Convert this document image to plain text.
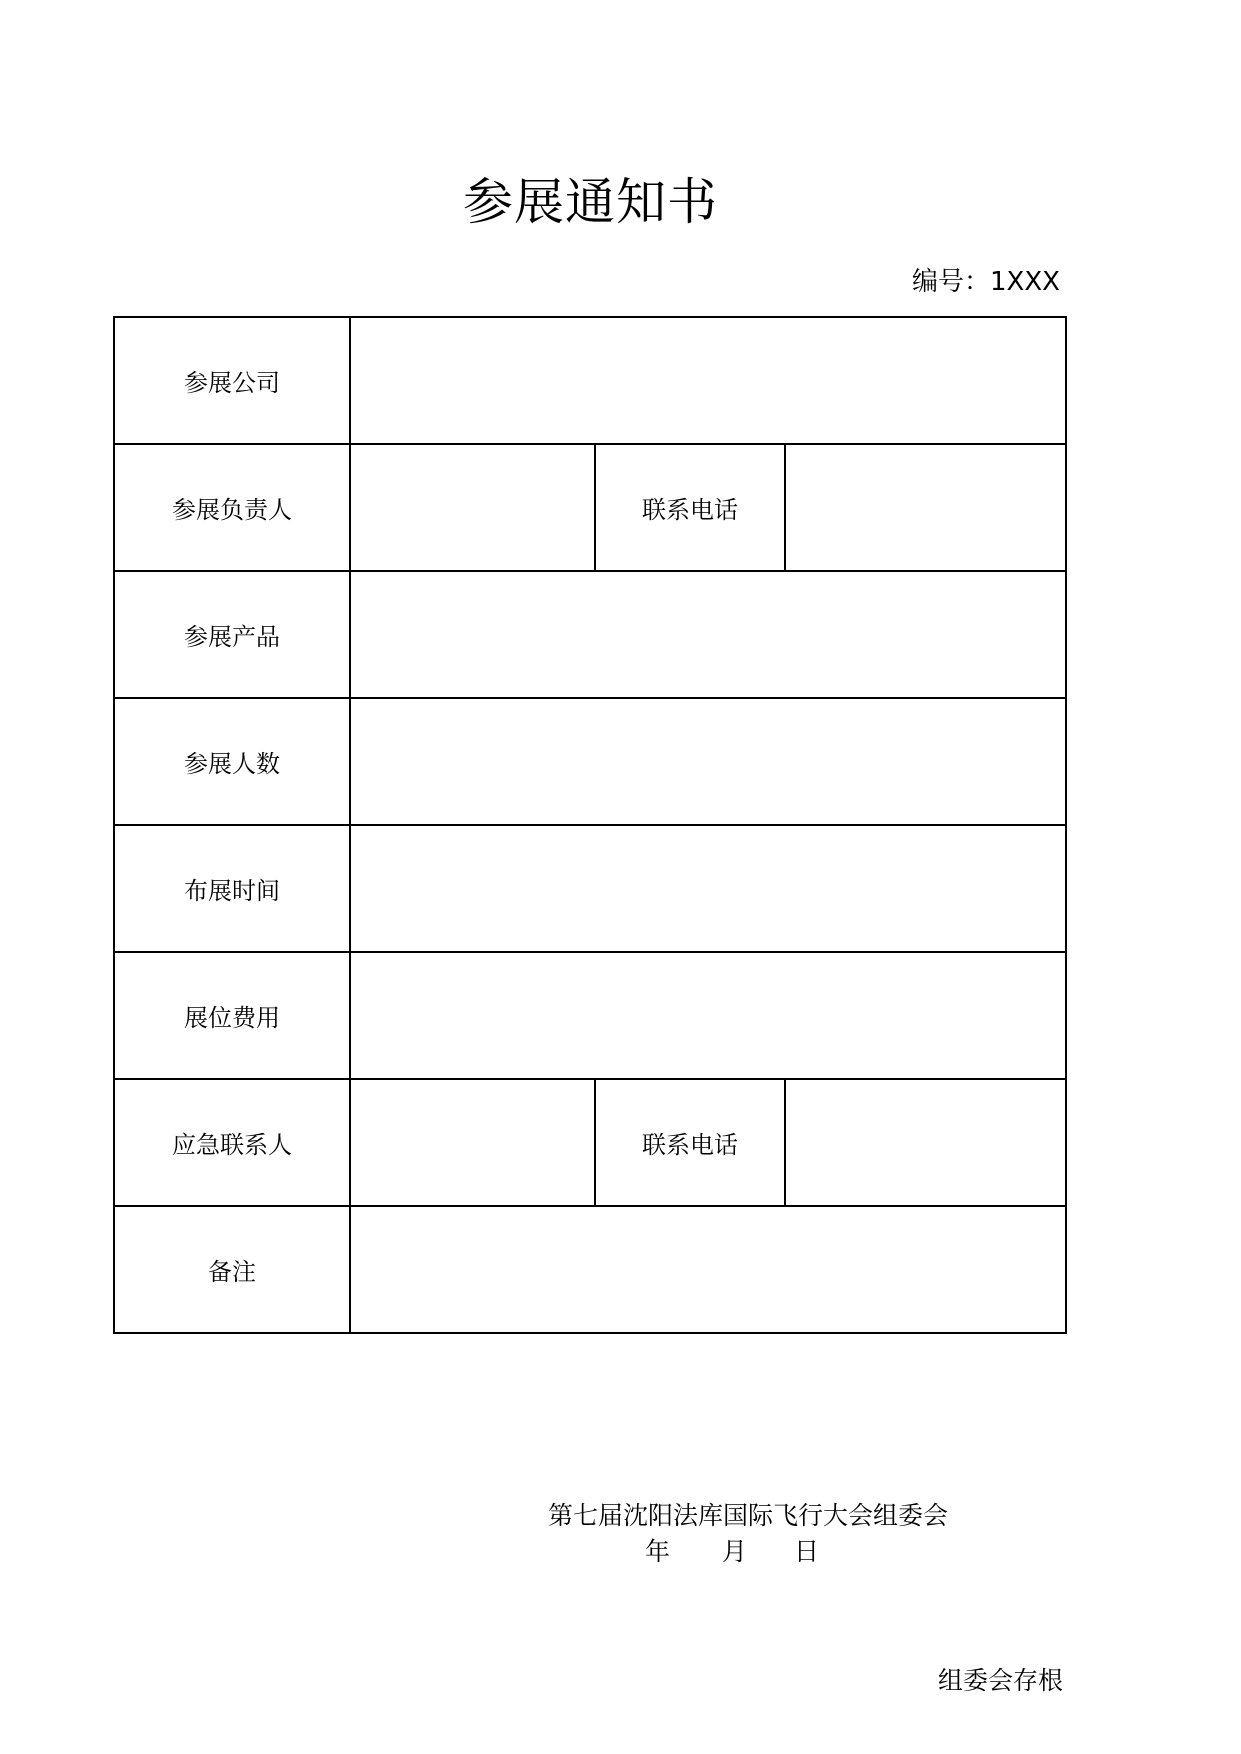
参展通知书
编号：1XXX
参展公司			
参展负责人		联系电话	
参展产品			
参展人数			
布展时间			
展位费用			
应急联系人		联系电话	
备注			
第七届沈阳法库国际飞行大会组委会
年 月 日
组委会存根
